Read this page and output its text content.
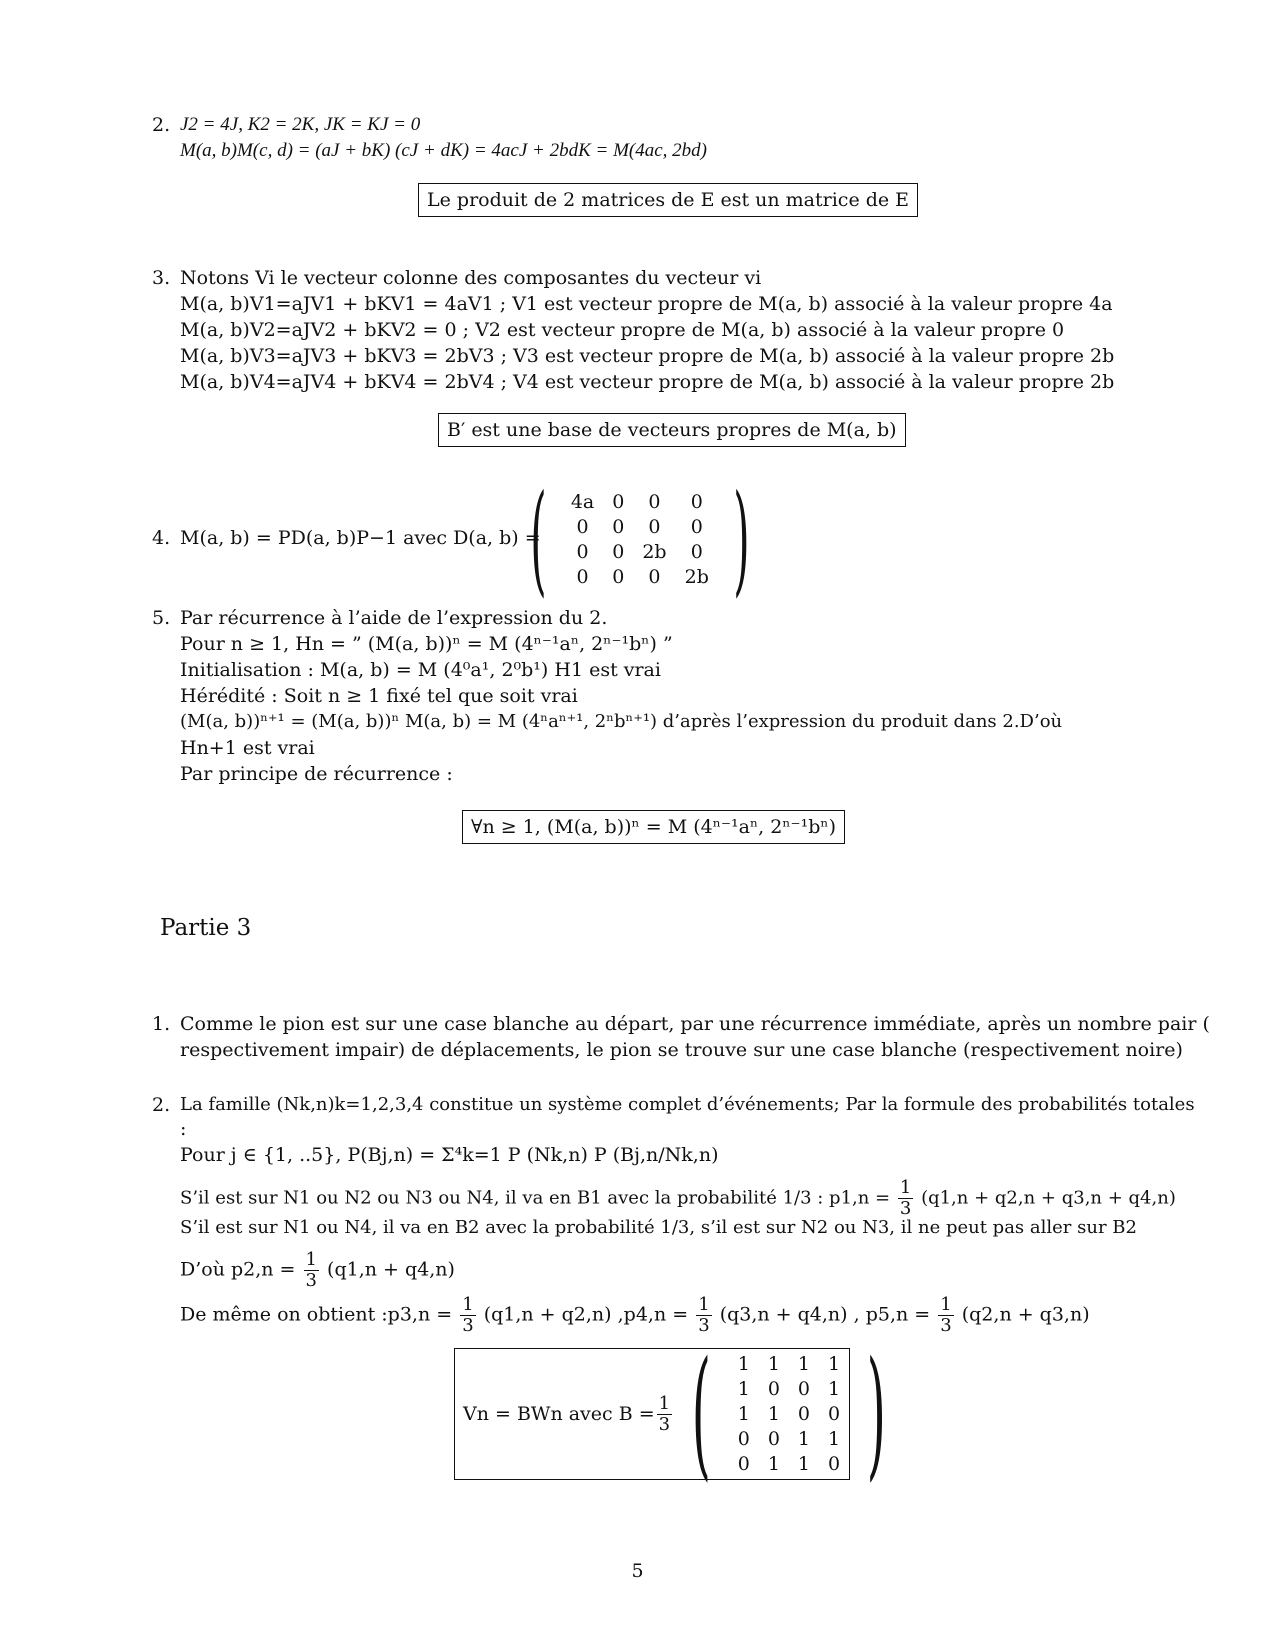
2. J2 = 4J, K2 = 2K, JK = KJ = 0
M(a, b)M(c, d) = (aJ + bK) (cJ + dK) = 4acJ + 2bdK = M(4ac, 2bd)
Le produit de 2 matrices de E est un matrice de E
3. Notons Vi le vecteur colonne des composantes du vecteur vi
M(a, b)V1=aJV1 + bKV1 = 4aV1 ; V1 est vecteur propre de M(a, b) associé à la valeur propre 4a
M(a, b)V2=aJV2 + bKV2 = 0 ; V2 est vecteur propre de M(a, b) associé à la valeur propre 0
M(a, b)V3=aJV3 + bKV3 = 2bV3 ; V3 est vecteur propre de M(a, b) associé à la valeur propre 2b
M(a, b)V4=aJV4 + bKV4 = 2bV4 ; V4 est vecteur propre de M(a, b) associé à la valeur propre 2b
B′ est une base de vecteurs propres de M(a, b)
4. M(a, b) = PD(a, b)P−1 avec D(a, b) =
( 4a	0	0	0
0	0	0	0
0	0	2b	0
0	0	0	2b )
5. Par récurrence à l’aide de l’expression du 2.
Pour n ≥ 1, Hn = ” (M(a, b))ⁿ = M (4ⁿ⁻¹aⁿ, 2ⁿ⁻¹bⁿ) ”
Initialisation : M(a, b) = M (4⁰a¹, 2⁰b¹) H1 est vrai
Hérédité : Soit n ≥ 1 fixé tel que soit vrai
(M(a, b))ⁿ⁺¹ = (M(a, b))ⁿ M(a, b) = M (4ⁿaⁿ⁺¹, 2ⁿbⁿ⁺¹) d’après l’expression du produit dans 2.D’où
Hn+1 est vrai
Par principe de récurrence :
∀n ≥ 1, (M(a, b))ⁿ = M (4ⁿ⁻¹aⁿ, 2ⁿ⁻¹bⁿ)
Partie 3
1. Comme le pion est sur une case blanche au départ, par une récurrence immédiate, après un nombre pair (
respectivement impair) de déplacements, le pion se trouve sur une case blanche (respectivement noire)
2. La famille (Nk,n)k=1,2,3,4 constitue un système complet d’événements; Par la formule des probabilités totales
:
Pour j ∈ {1, ..5}, P(Bj,n) = Σ⁴k=1 P (Nk,n) P (Bj,n/Nk,n)
S’il est sur N1 ou N2 ou N3 ou N4, il va en B1 avec la probabilité 1/3 : $p1,n = \frac{1}{3} (q1,n + q2,n + q3,n + q4,n)$
S’il est sur N1 ou N4, il va en B2 avec la probabilité 1/3, s’il est sur N2 ou N3, il ne peut pas aller sur B2
D’où $p2,n = \frac{1}{3} (q1,n + q4,n)$
De même on obtient :p3,n = $\frac{1}{3} (q1,n + q2,n) ,p4,n = \frac{1}{3} (q3,n + q4,n)$ , $p5,n = \frac{1}{3} (q2,n + q3,n)$
Vn = BWn avec $B = \frac{1}{3}$ ( 1	1	1	1
1	0	0	1
1	1	0	0
0	0	1	1
0	1	1	0 )
5
